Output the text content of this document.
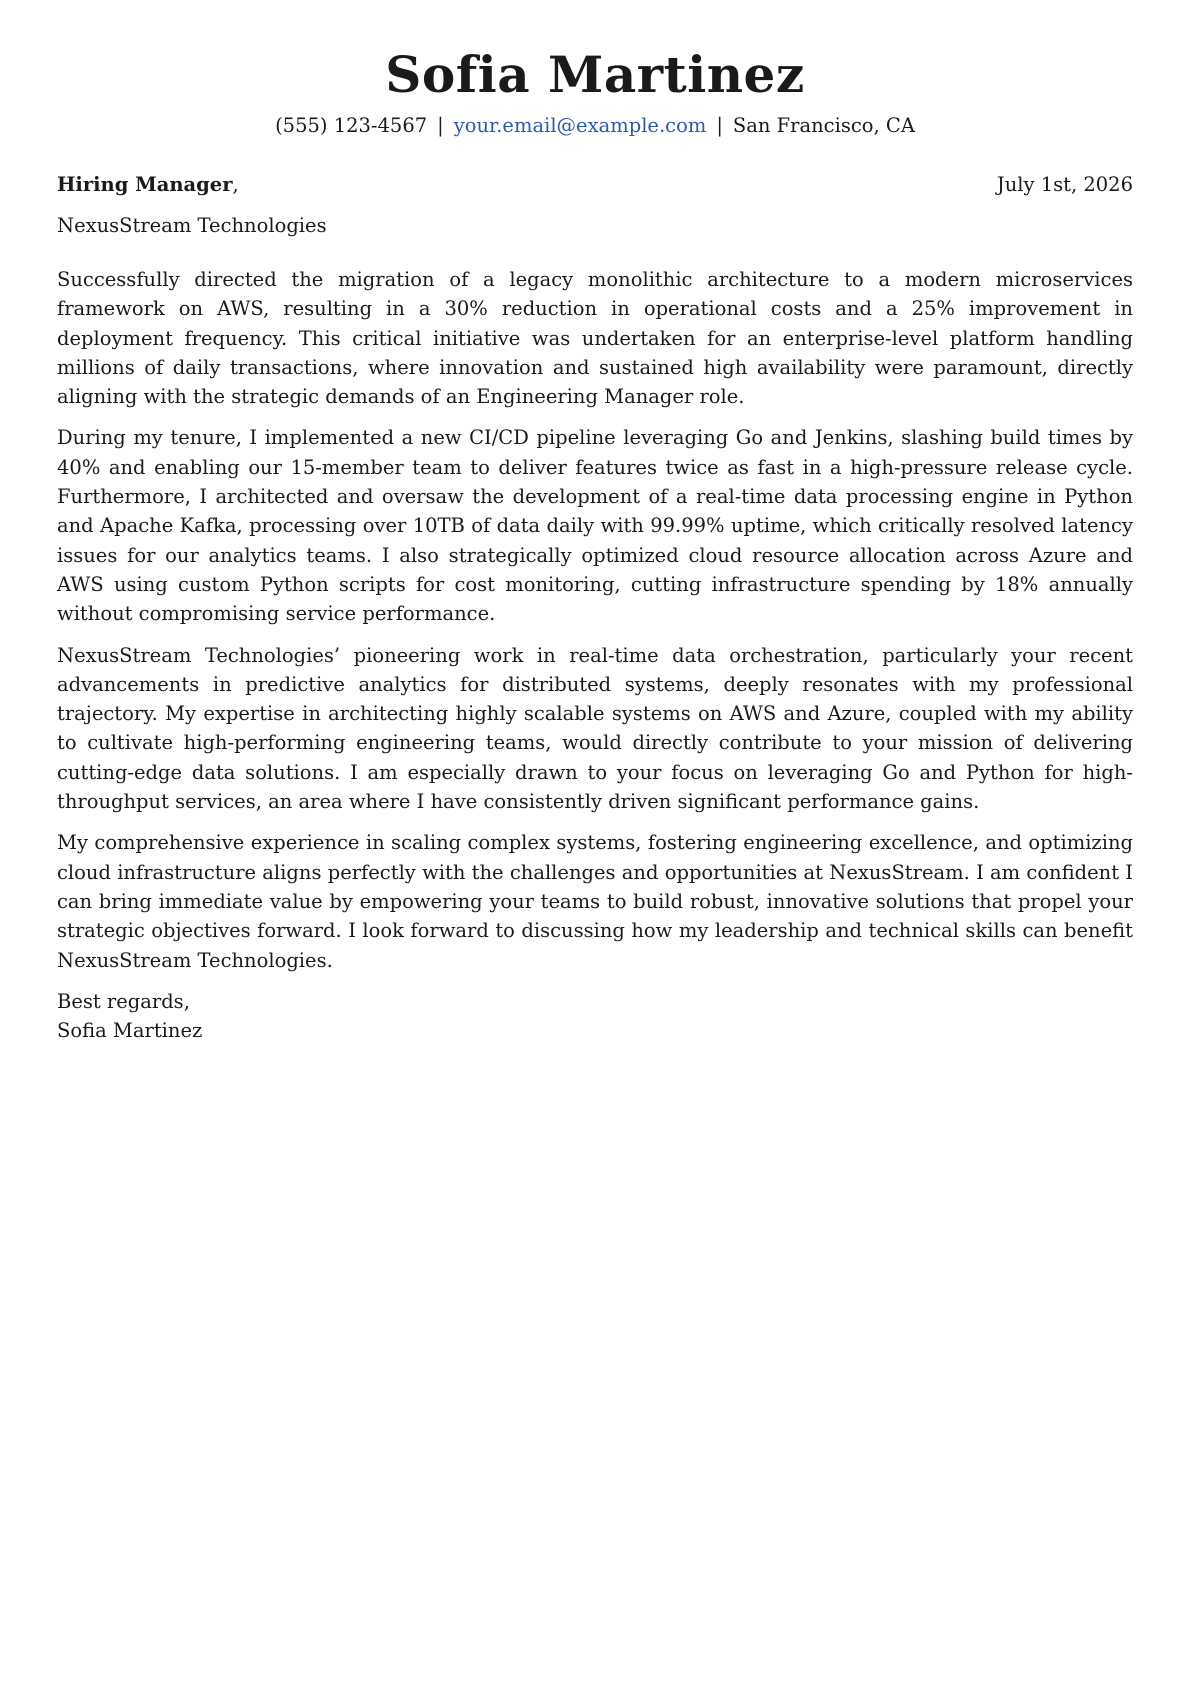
Sofia Martinez
(555) 123-4567 | your.email@example.com | San Francisco, CA
Hiring Manager,	July 1st, 2026
NexusStream Technologies

Successfully directed the migration of a legacy monolithic architecture to a modern microservices framework on AWS, resulting in a 30% reduction in operational costs and a 25% improvement in deployment frequency. This critical initiative was undertaken for an enterprise-level platform handling millions of daily transactions, where innovation and sustained high availability were paramount, directly aligning with the strategic demands of an Engineering Manager role.

During my tenure, I implemented a new CI/CD pipeline leveraging Go and Jenkins, slashing build times by 40% and enabling our 15-member team to deliver features twice as fast in a high-pressure release cycle. Furthermore, I architected and oversaw the development of a real-time data processing engine in Python and Apache Kafka, processing over 10TB of data daily with 99.99% uptime, which critically resolved latency issues for our analytics teams. I also strategically optimized cloud resource allocation across Azure and AWS using custom Python scripts for cost monitoring, cutting infrastructure spending by 18% annually without compromising service performance.

NexusStream Technologies’ pioneering work in real-time data orchestration, particularly your recent advancements in predictive analytics for distributed systems, deeply resonates with my professional trajectory. My expertise in architecting highly scalable systems on AWS and Azure, coupled with my ability to cultivate high-performing engineering teams, would directly contribute to your mission of delivering cutting-edge data solutions. I am especially drawn to your focus on leveraging Go and Python for high-throughput services, an area where I have consistently driven significant performance gains.

My comprehensive experience in scaling complex systems, fostering engineering excellence, and optimizing cloud infrastructure aligns perfectly with the challenges and opportunities at NexusStream. I am confident I can bring immediate value by empowering your teams to build robust, innovative solutions that propel your strategic objectives forward. I look forward to discussing how my leadership and technical skills can benefit NexusStream Technologies.

Best regards,
Sofia Martinez
